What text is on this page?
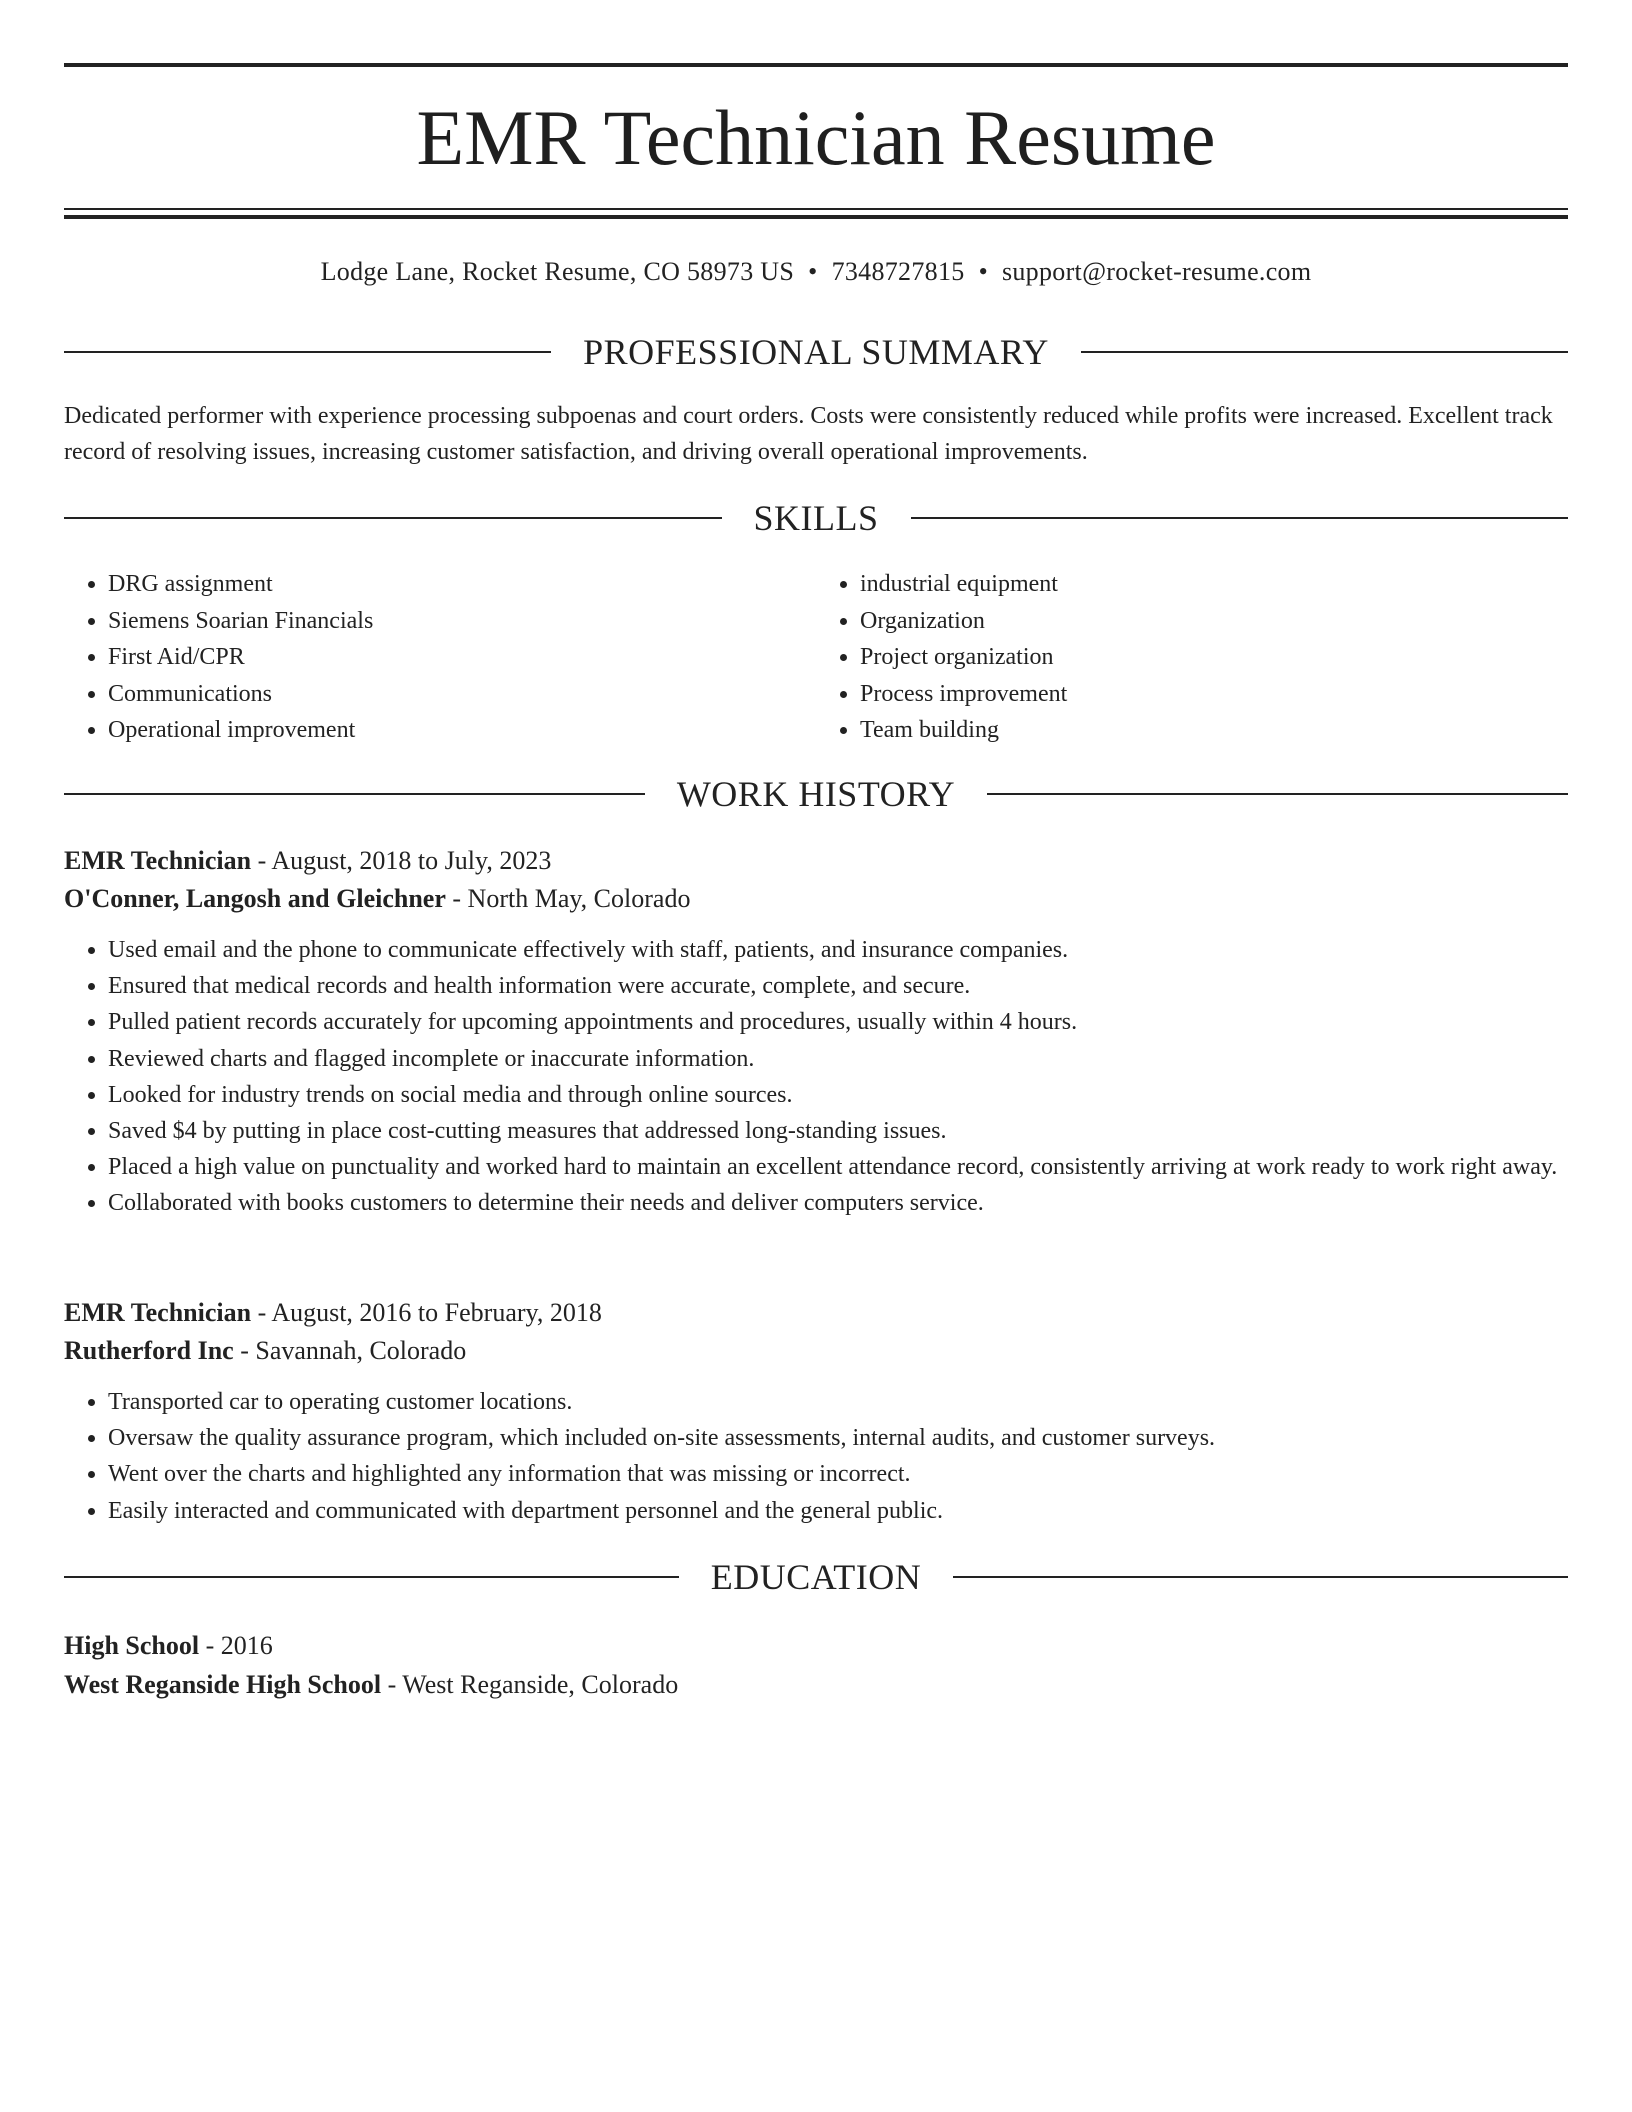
EMR Technician Resume
Lodge Lane, Rocket Resume, CO 58973 US • 7348727815 • support@rocket-resume.com
PROFESSIONAL SUMMARY
Dedicated performer with experience processing subpoenas and court orders. Costs were consistently reduced while profits were increased. Excellent track record of resolving issues, increasing customer satisfaction, and driving overall operational improvements.
SKILLS
• DRG assignment
• Siemens Soarian Financials
• First Aid/CPR
• Communications
• Operational improvement
• industrial equipment
• Organization
• Project organization
• Process improvement
• Team building
WORK HISTORY
EMR Technician - August, 2018 to July, 2023
O'Conner, Langosh and Gleichner - North May, Colorado
• Used email and the phone to communicate effectively with staff, patients, and insurance companies.
• Ensured that medical records and health information were accurate, complete, and secure.
• Pulled patient records accurately for upcoming appointments and procedures, usually within 4 hours.
• Reviewed charts and flagged incomplete or inaccurate information.
• Looked for industry trends on social media and through online sources.
• Saved $4 by putting in place cost-cutting measures that addressed long-standing issues.
• Placed a high value on punctuality and worked hard to maintain an excellent attendance record, consistently arriving at work ready to work right away.
• Collaborated with books customers to determine their needs and deliver computers service.
EMR Technician - August, 2016 to February, 2018
Rutherford Inc - Savannah, Colorado
• Transported car to operating customer locations.
• Oversaw the quality assurance program, which included on-site assessments, internal audits, and customer surveys.
• Went over the charts and highlighted any information that was missing or incorrect.
• Easily interacted and communicated with department personnel and the general public.
EDUCATION
High School - 2016
West Reganside High School - West Reganside, Colorado
